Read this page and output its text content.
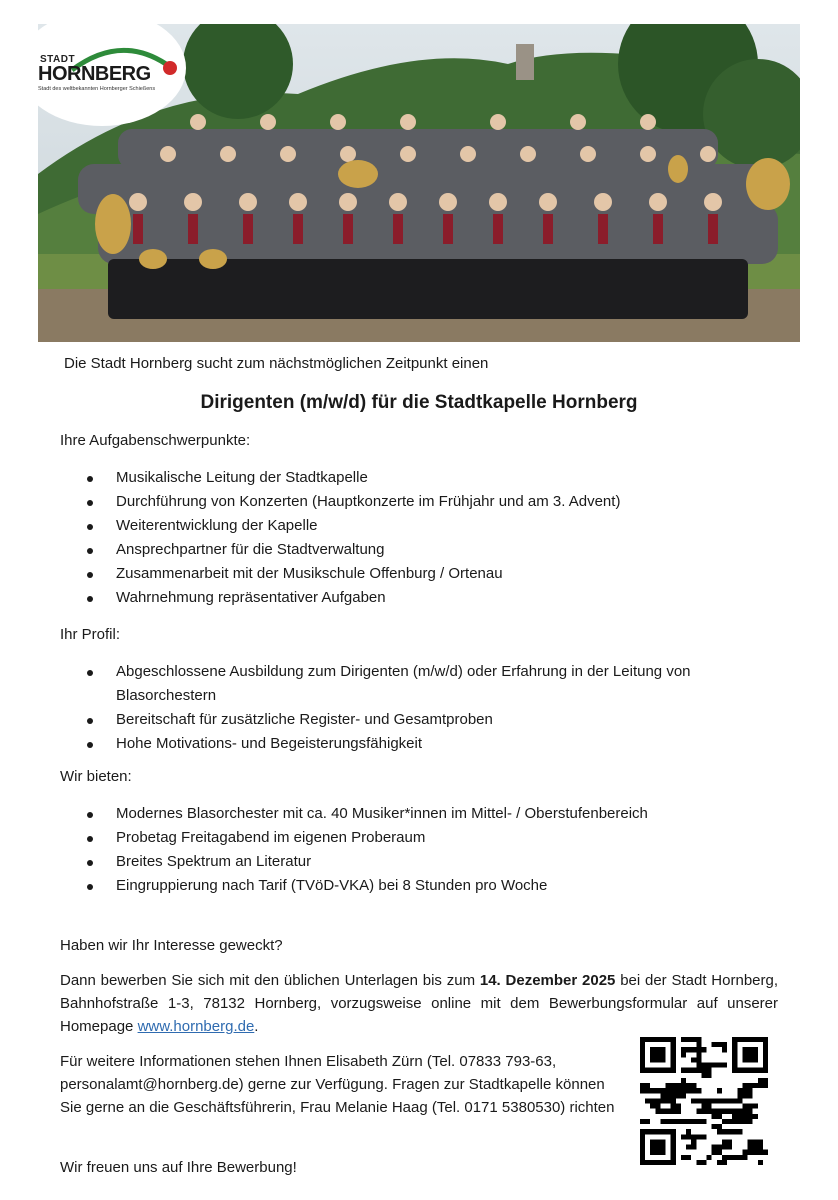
STADT
HORNBERG
Stadt des weltbekannten Hornberger Schießens
Die Stadt Hornberg sucht zum nächstmöglichen Zeitpunkt einen
Dirigenten (m/w/d) für die Stadtkapelle Hornberg
Ihre Aufgabenschwerpunkte:
Musikalische Leitung der Stadtkapelle
Durchführung von Konzerten (Hauptkonzerte im Frühjahr und am 3. Advent)
Weiterentwicklung der Kapelle
Ansprechpartner für die Stadtverwaltung
Zusammenarbeit mit der Musikschule Offenburg / Ortenau
Wahrnehmung repräsentativer Aufgaben
Ihr Profil:
Abgeschlossene Ausbildung zum Dirigenten (m/w/d) oder Erfahrung in der Leitung von Blasorchestern
Bereitschaft für zusätzliche Register- und Gesamtproben
Hohe Motivations- und Begeisterungsfähigkeit
Wir bieten:
Modernes Blasorchester mit ca. 40 Musiker*innen im Mittel- / Oberstufenbereich
Probetag Freitagabend im eigenen Proberaum
Breites Spektrum an Literatur
Eingruppierung nach Tarif (TVöD-VKA) bei 8 Stunden pro Woche
Haben wir Ihr Interesse geweckt?
Dann bewerben Sie sich mit den üblichen Unterlagen bis zum 14. Dezember 2025 bei der Stadt Hornberg, Bahnhofstraße 1-3, 78132 Hornberg, vorzugsweise online mit dem Bewerbungsformular auf unserer Homepage www.hornberg.de.
Für weitere Informationen stehen Ihnen Elisabeth Zürn (Tel. 07833 793-63, personalamt@hornberg.de) gerne zur Verfügung. Fragen zur Stadtkapelle können Sie gerne an die Geschäftsführerin, Frau Melanie Haag (Tel. 0171 5380530) richten
Wir freuen uns auf Ihre Bewerbung!
